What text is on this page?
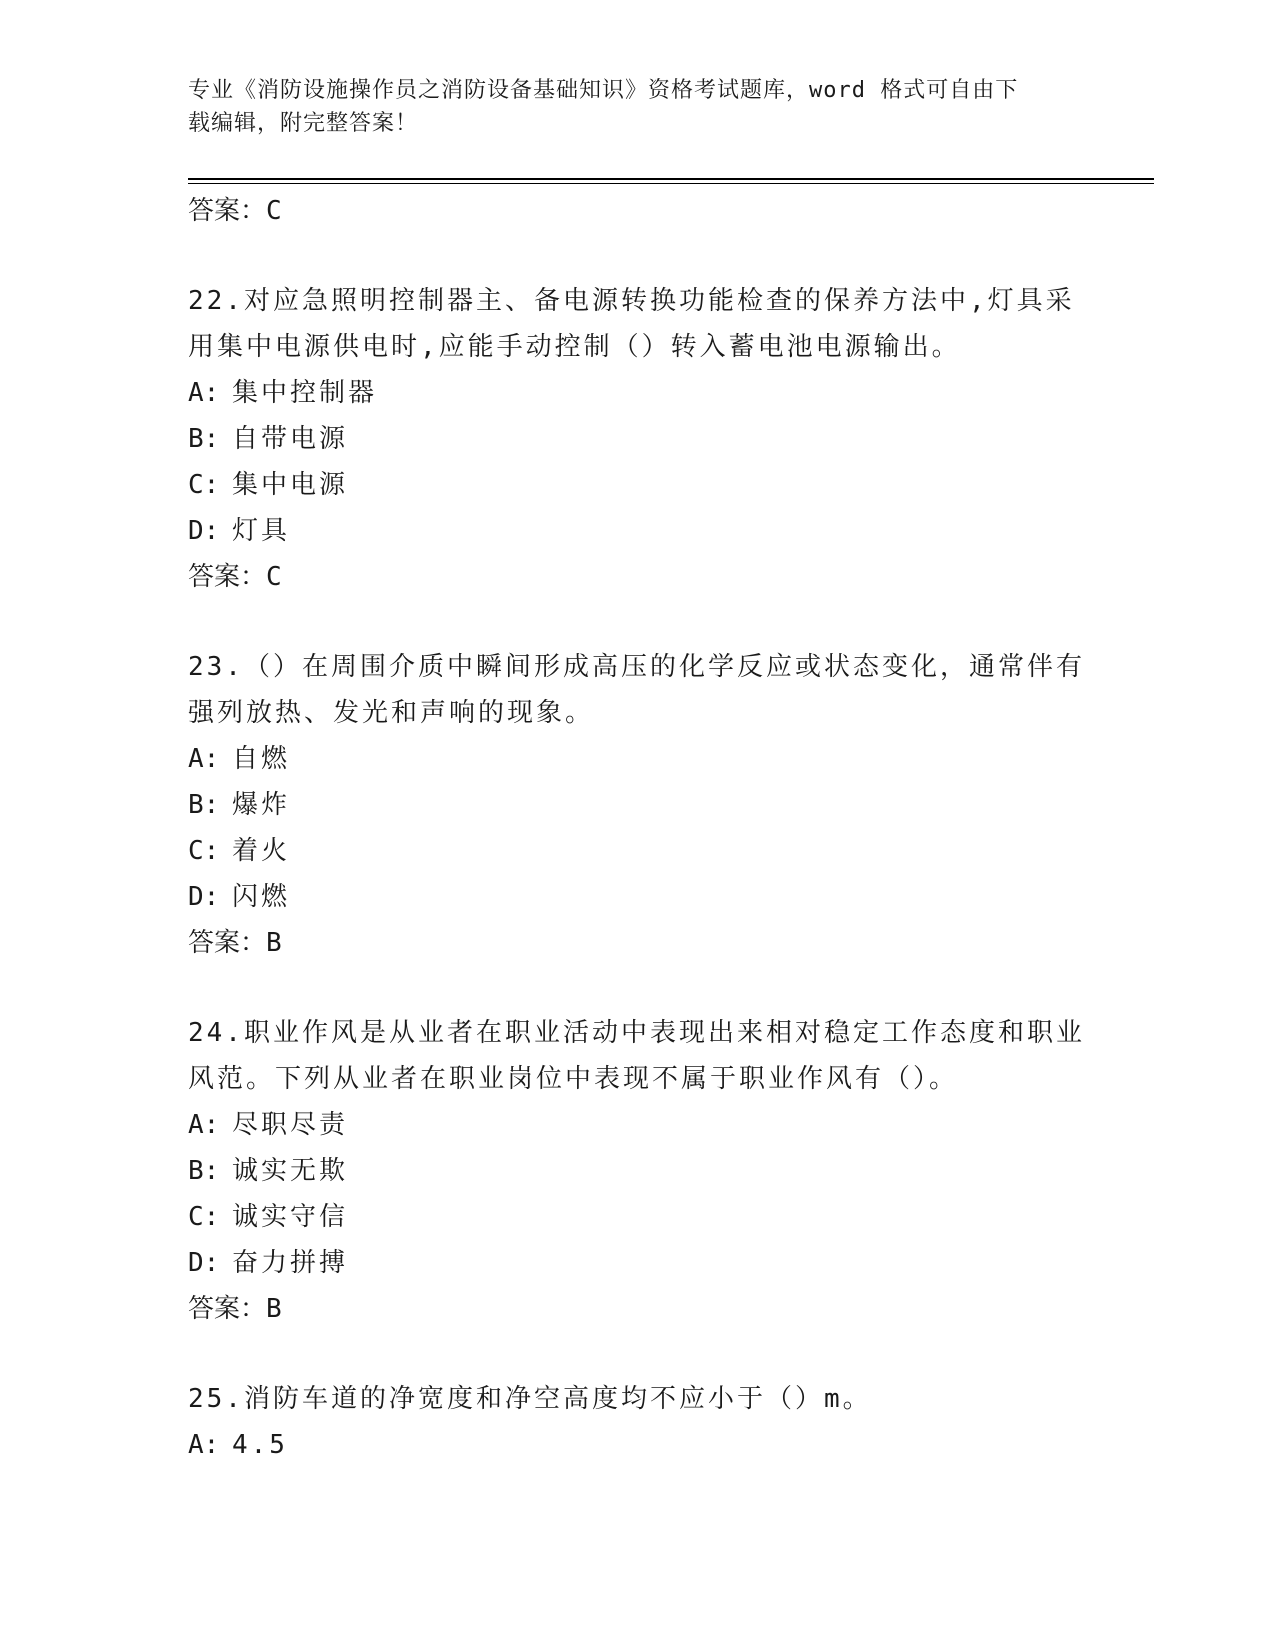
专业《消防设施操作员之消防设备基础知识》资格考试题库，word 格式可自由下
载编辑，附完整答案！
答案：C
22.对应急照明控制器主、备电源转换功能检查的保养方法中,灯具采
用集中电源供电时,应能手动控制（）转入蓄电池电源输出。
A: 集中控制器
B: 自带电源
C: 集中电源
D: 灯具
答案：C
23.（）在周围介质中瞬间形成高压的化学反应或状态变化，通常伴有
强列放热、发光和声响的现象。
A: 自燃
B: 爆炸
C: 着火
D: 闪燃
答案：B
24.职业作风是从业者在职业活动中表现出来相对稳定工作态度和职业
风范。下列从业者在职业岗位中表现不属于职业作风有（）。
A: 尽职尽责
B: 诚实无欺
C: 诚实守信
D: 奋力拼搏
答案：B
25.消防车道的净宽度和净空高度均不应小于（）m。
A: 4.5
